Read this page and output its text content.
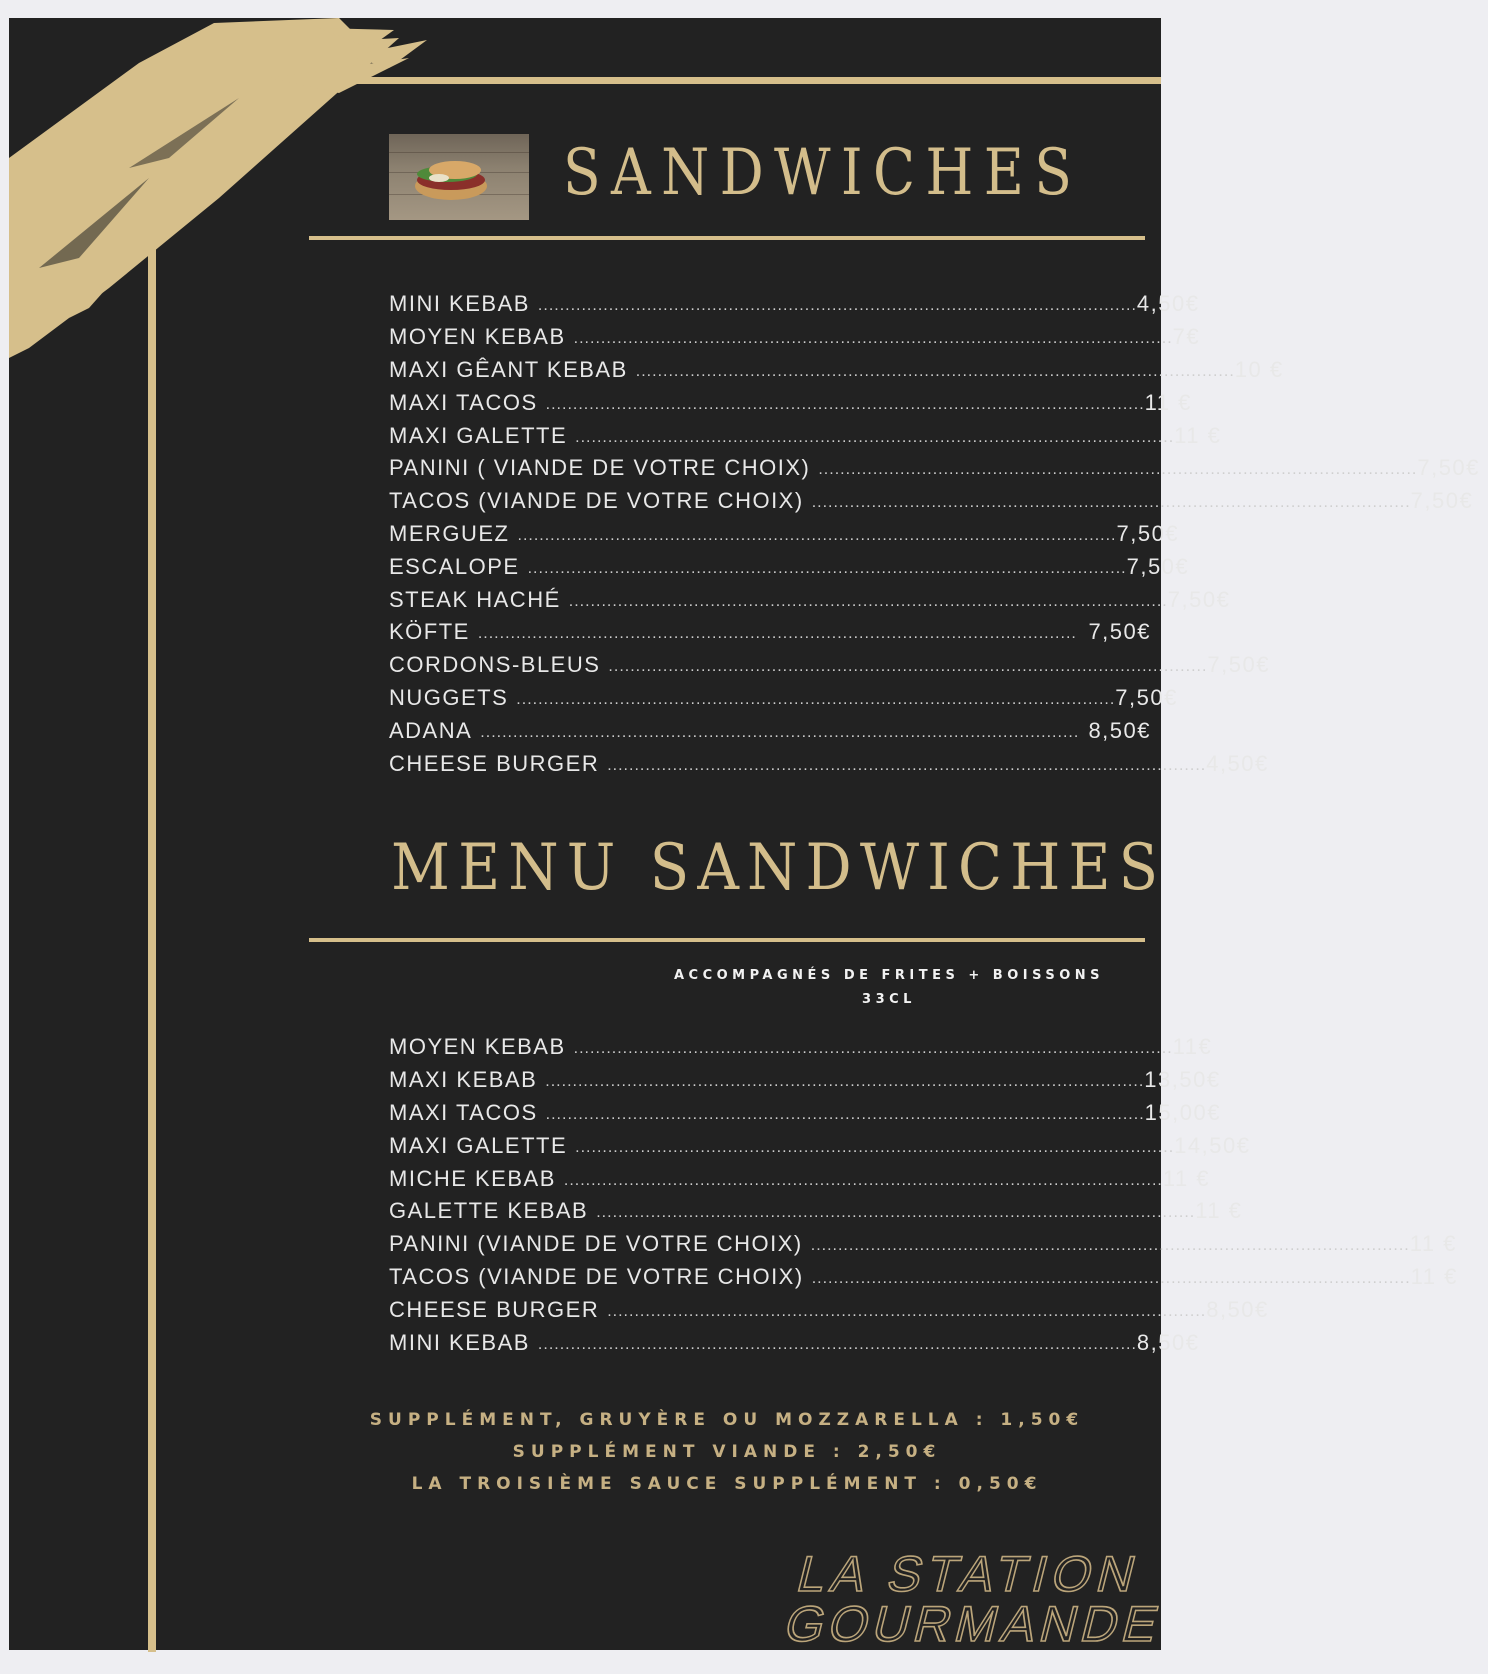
SANDWICHES
MINI KEBAB .............................................................................................................. 4,50€
MOYEN KEBAB .............................................................................................................. 7€
MAXI GÊANT KEBAB .............................................................................................................. 10 €
MAXI TACOS .............................................................................................................. 11 €
MAXI GALETTE .............................................................................................................. 11 €
PANINI ( VIANDE DE VOTRE CHOIX) .............................................................................................................. 7,50€
TACOS (VIANDE DE VOTRE CHOIX) .............................................................................................................. 7,50€
MERGUEZ .............................................................................................................. 7,50€
ESCALOPE .............................................................................................................. 7,50€
STEAK HACHÉ .............................................................................................................. 7,50€
KÖFTE .............................................................................................................. 7,50€
CORDONS-BLEUS .............................................................................................................. 7,50€
NUGGETS .............................................................................................................. 7,50€
ADANA .............................................................................................................. 8,50€
CHEESE BURGER .............................................................................................................. 4,50€
MENU SANDWICHES
ACCOMPAGNÉS DE FRITES + BOISSONS 33CL
MOYEN KEBAB .............................................................................................................. 11€
MAXI KEBAB .............................................................................................................. 13,50€
MAXI TACOS .............................................................................................................. 15,00€
MAXI GALETTE .............................................................................................................. 14,50€
MICHE KEBAB .............................................................................................................. 11 €
GALETTE KEBAB .............................................................................................................. 11 €
PANINI (VIANDE DE VOTRE CHOIX) .............................................................................................................. 11 €
TACOS (VIANDE DE VOTRE CHOIX) .............................................................................................................. 11 €
CHEESE BURGER .............................................................................................................. 8,50€
MINI KEBAB .............................................................................................................. 8,50€
SUPPLÉMENT, GRUYÈRE OU MOZZARELLA : 1,50€
SUPPLÉMENT VIANDE : 2,50€
LA TROISIÈME SAUCE SUPPLÉMENT : 0,50€
LA STATION
GOURMANDE
